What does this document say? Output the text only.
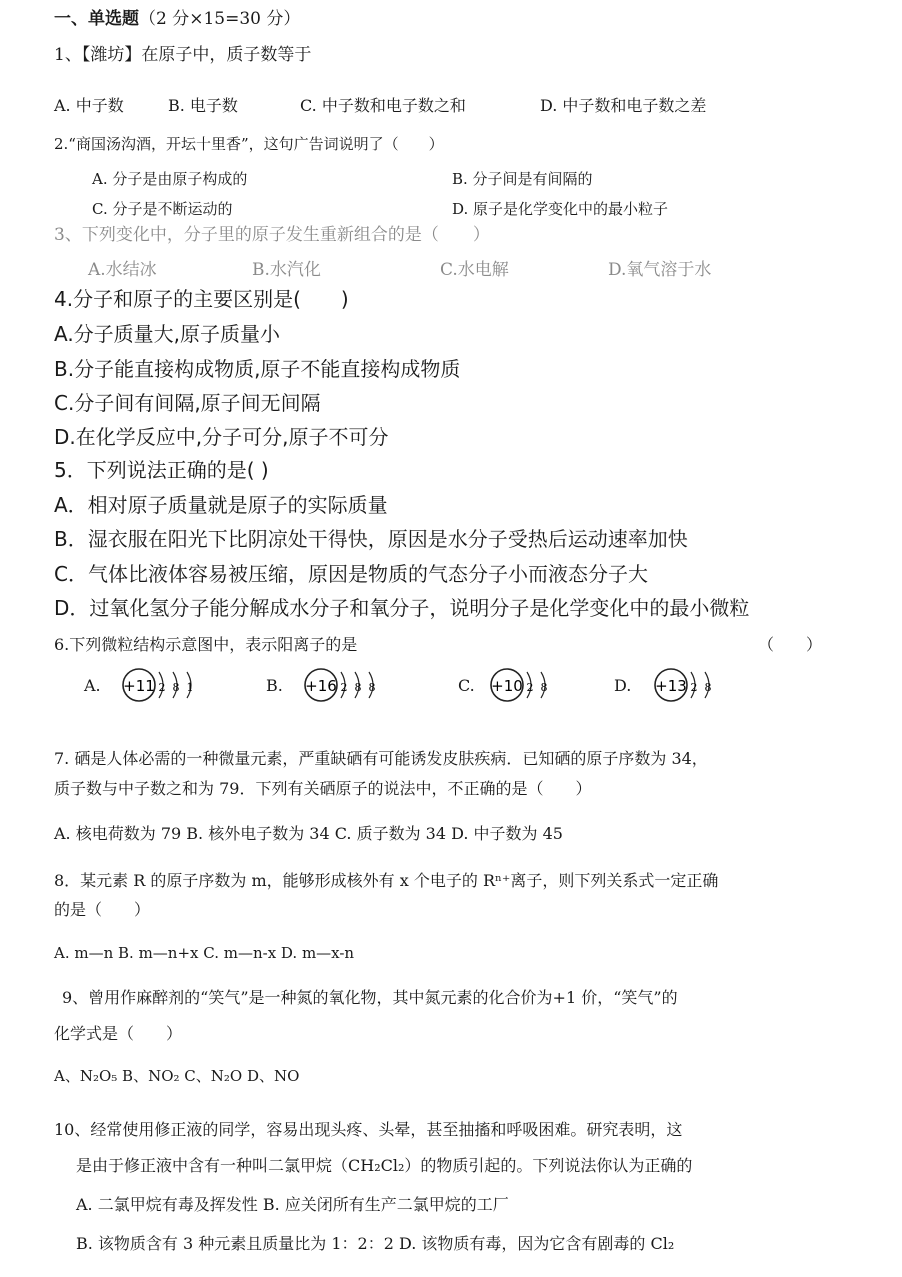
一、单选题（2 分×15=30 分）
1、【潍坊】在原子中，质子数等于
A. 中子数	B. 电子数	C. 中子数和电子数之和	D. 中子数和电子数之差
2.“商国汤沟酒，开坛十里香”，这句广告词说明了（　　）
A. 分子是由原子构成的	B. 分子间是有间隔的
C. 分子是不断运动的	D. 原子是化学变化中的最小粒子
3、下列变化中，分子里的原子发生重新组合的是（　　）
A.水结冰	B.水汽化	C.水电解	D.氧气溶于水
4.分子和原子的主要区别是(　　)
A.分子质量大,原子质量小
B.分子能直接构成物质,原子不能直接构成物质
C.分子间有间隔,原子间无间隔
D.在化学反应中,分子可分,原子不可分
5．下列说法正确的是( )
A．相对原子质量就是原子的实际质量
B．湿衣服在阳光下比阴凉处干得快，原因是水分子受热后运动速率加快
C．气体比液体容易被压缩，原因是物质的气态分子小而液态分子大
D．过氧化氢分子能分解成水分子和氧分子，说明分子是化学变化中的最小微粒
6.下列微粒结构示意图中，表示阳离子的是	（　　）
A. +11 2 8 1	B. +16 2 8 8	C. +10 2 8	D. +13 2 8
7. 硒是人体必需的一种微量元素，严重缺硒有可能诱发皮肤疾病．已知硒的原子序数为 34，
质子数与中子数之和为 79．下列有关硒原子的说法中，不正确的是（　　）
A. 核电荷数为 79 B. 核外电子数为 34 C. 质子数为 34 D. 中子数为 45
8．某元素 R 的原子序数为 m，能够形成核外有 x 个电子的 Rⁿ⁺离子，则下列关系式一定正确
的是（　　）
A. m—n B. m—n+x C. m—n-x D. m—x-n
9、曾用作麻醉剂的“笑气”是一种氮的氧化物，其中氮元素的化合价为+1 价，“笑气”的
化学式是（　　）
A、N₂O₅ B、NO₂ C、N₂O D、NO
10、经常使用修正液的同学，容易出现头疼、头晕，甚至抽搐和呼吸困难。研究表明，这
是由于修正液中含有一种叫二氯甲烷（CH₂Cl₂）的物质引起的。下列说法你认为正确的
A. 二氯甲烷有毒及挥发性 B. 应关闭所有生产二氯甲烷的工厂
B. 该物质含有 3 种元素且质量比为 1：2：2 D. 该物质有毒，因为它含有剧毒的 Cl₂
